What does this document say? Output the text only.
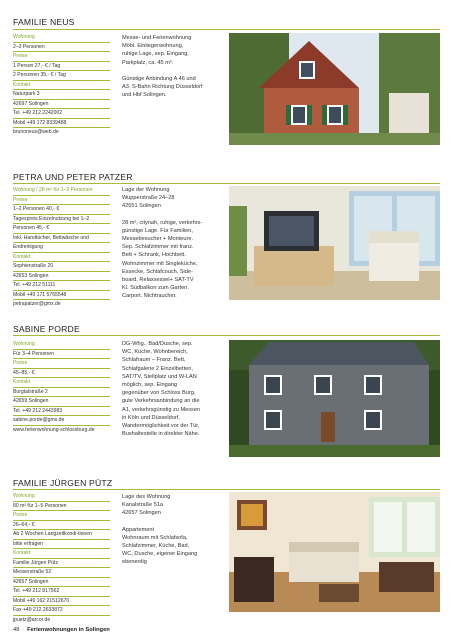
FAMILIE NEUS
Wohnung
2–3 Personen
Preise
1 Person 27,- € / Tag
2 Personen 35,- € / Tag
Kontakt
Naturpark 3
42697 Solingen
Tel. +49 212 2242002
Mobil +49 172 8339488
brunoneus@web.de

Messe- und Ferienwohnung
Möbl. Einliegerwohnung,
ruhige Lage, sep. Eingang,
Parkplatz, ca. 45 m².

Günstige Anbindung A 46 und
A3. S-Bahn Richtung Düsseldorf
und Hbf Solingen.

PETRA UND PETER PATZER
Wohnung / 28 m² für 1–3 Personen
Preise
1–2 Personen 40,- €
Tagespreis Einzelnutzung bei 1–2
Personen 45,- €
Inkl. Handtücher, Bettwäsche und
Endreinigung
Kontakt
Sophienstraße 20
42653 Solingen
Tel. +49 212 51111
Mobil +49 171 5765548
petrapatzer@gmx.de

Lage der Wohnung
Wupperstraße 24–28
42651 Solingen

28 m², citynah, ruhige, verkehrs-
günstige Lage. Für Familien,
Messebesucher + Monteure.
Sep. Schlafzimmer mit franz.
Bett + Schrank, Hochbett.
Wohnzimmer mit Singleküche,
Essecke, Schlafcouch, Side-
board, Relaxsessel+ SAT-TV
Kl. Südbalkon zum Garten.
Carport. Nichtraucher.

SABINE PORDE
Wohnung
Für 3–4 Personen
Preise
45–85,- €
Kontakt
Burgtalstraße 2
42659 Solingen
Tel. +49 212 2443983
sabine.porde@gmx.de
www.ferienwohnung-schlossburg.de

DG-Whg., Bad/Dusche, sep.
WC, Küche, Wohnbereich,
Schlafraum – Franz. Bett,
Schlafgalerie 2 Einzelbetten,
SAT/TV, Stellplatz und W-LAN
möglich, sep. Eingang
gegenüber von Schloss Burg,
gute Verkehrsanbindung an die
A1, verkehrsgünstig zu Messen
in Köln und Düsseldorf,
Wandermöglichkeit vor der Tür,
Bushaltestelle in direkter Nähe.

FAMILIE JÜRGEN PÜTZ
Wohnung
80 m² für 1–5 Personen
Preise
26–64,- €
Ab 2 Wochen Langzeitkondi-tionen
bitte erfragen
Kontakt
Familie Jürgen Pütz
Messerstraße 52
42657 Solingen
Tel. +49 212 817562
Mobil +49 162 21512670
Fax +49 212 2633872
jpuetz@arcor.de

Lage des Wohnung
Kanalstraße 51a
42657 Solingen

Appartement
Wohnraum mit Schlafsofa,
Schlafzimmer, Küche, Bad,
WC, Dusche, eigener Eingang
ebenerdig

48 Ferienwohnungen in Solingen
